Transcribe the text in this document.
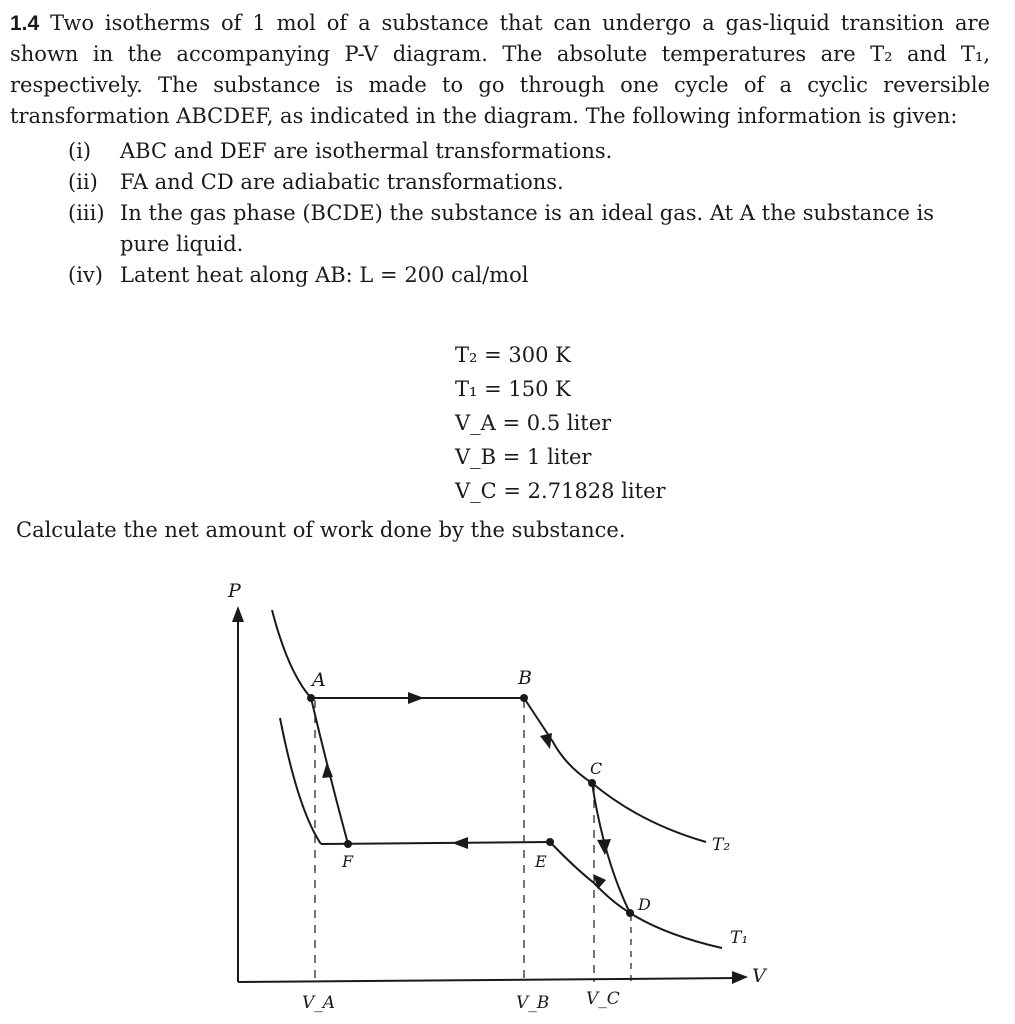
1.4 Two isotherms of 1 mol of a substance that can undergo a gas-liquid transition are shown in the accompanying P-V diagram. The absolute temperatures are T₂ and T₁, respectively. The substance is made to go through one cycle of a cyclic reversible transformation ABCDEF, as indicated in the diagram. The following information is given:

(i) ABC and DEF are isothermal transformations.
(ii) FA and CD are adiabatic transformations.
(iii) In the gas phase (BCDE) the substance is an ideal gas. At A the substance is pure liquid.
(iv) Latent heat along AB: L = 200 cal/mol
T₂ = 300 K
T₁ = 150 K
V_A = 0.5 liter
V_B = 1 liter
V_C = 2.71828 liter

Calculate the net amount of work done by the substance.

P
V
A	B
C
D
E
F
T₂
T₁
V_A	V_B V_C
